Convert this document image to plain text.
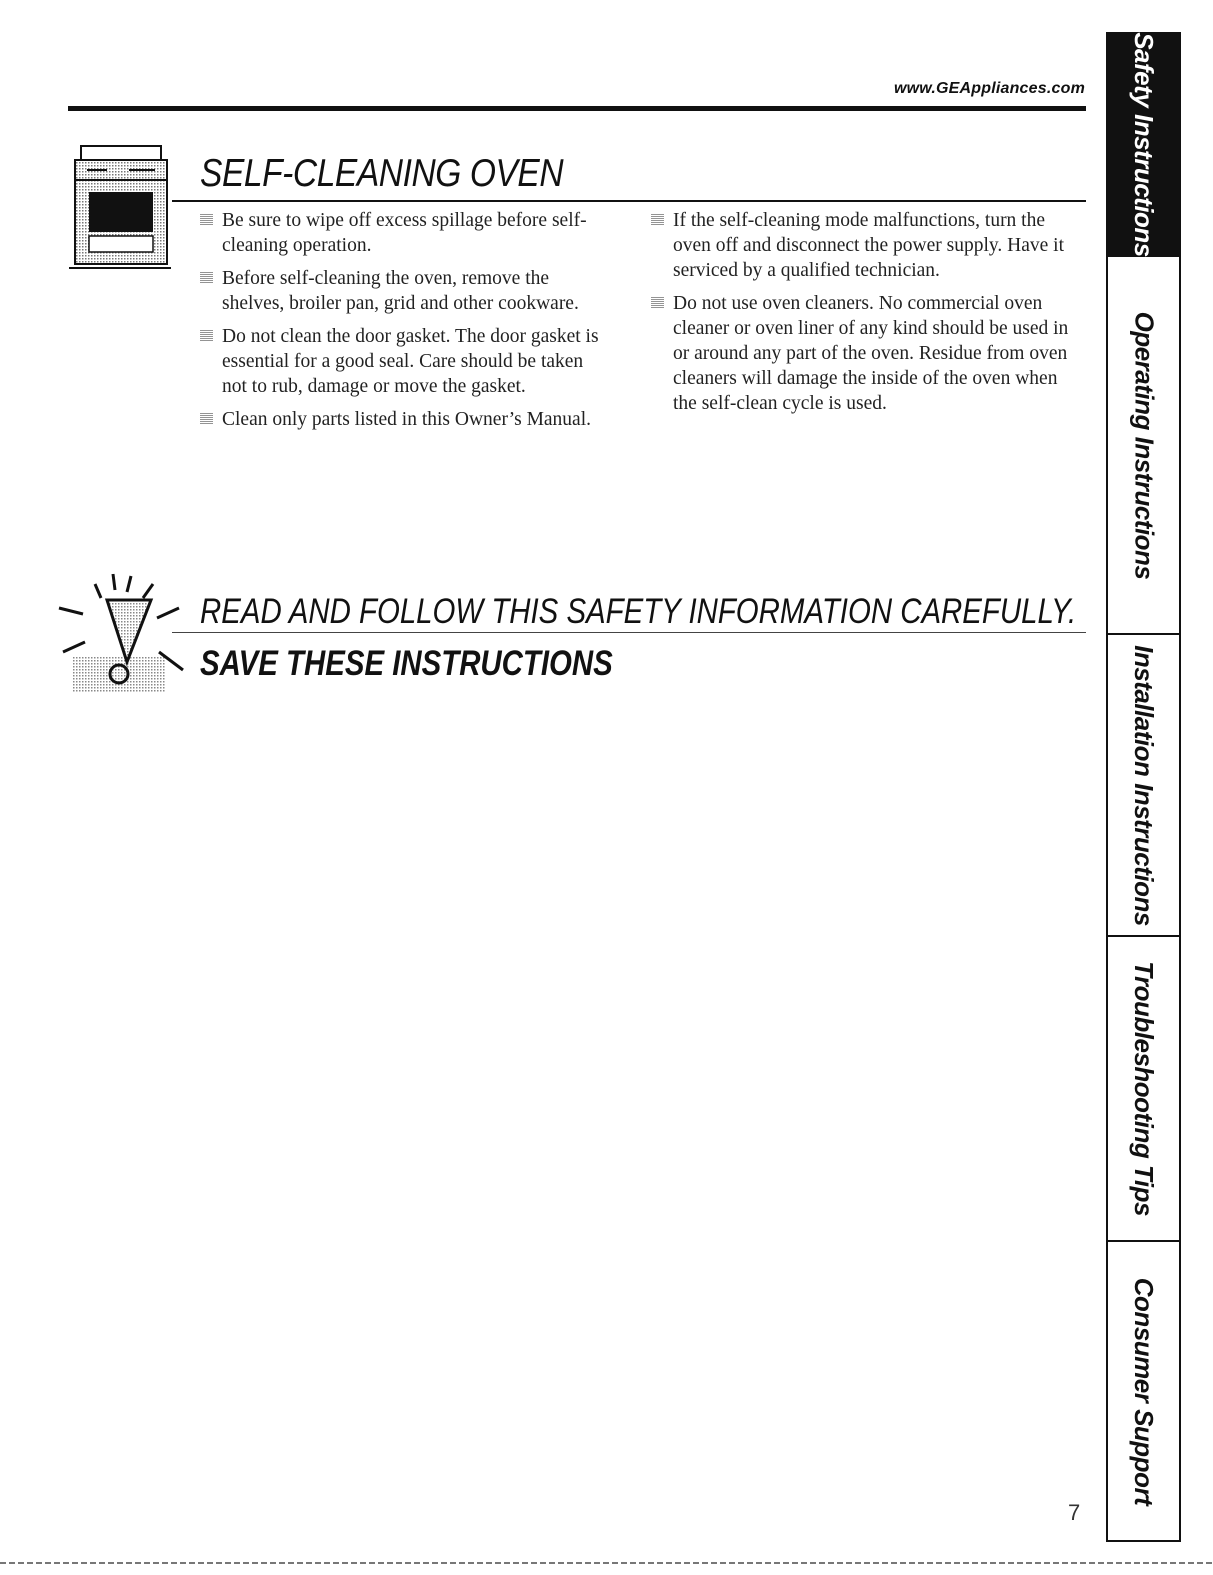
www.GEAppliances.com
SELF-CLEANING OVEN
Be sure to wipe off excess spillage before self-cleaning operation.
Before self-cleaning the oven, remove the shelves, broiler pan, grid and other cookware.
Do not clean the door gasket. The door gasket is essential for a good seal. Care should be taken not to rub, damage or move the gasket.
Clean only parts listed in this Owner’s Manual.
If the self-cleaning mode malfunctions, turn the oven off and disconnect the power supply. Have it serviced by a qualified technician.
Do not use oven cleaners. No commercial oven cleaner or oven liner of any kind should be used in or around any part of the oven. Residue from oven cleaners will damage the inside of the oven when the self-clean cycle is used.
READ AND FOLLOW THIS SAFETY INFORMATION CAREFULLY.
SAVE THESE INSTRUCTIONS
7
Safety Instructions
Operating Instructions
Installation Instructions
Troubleshooting Tips
Consumer Support
